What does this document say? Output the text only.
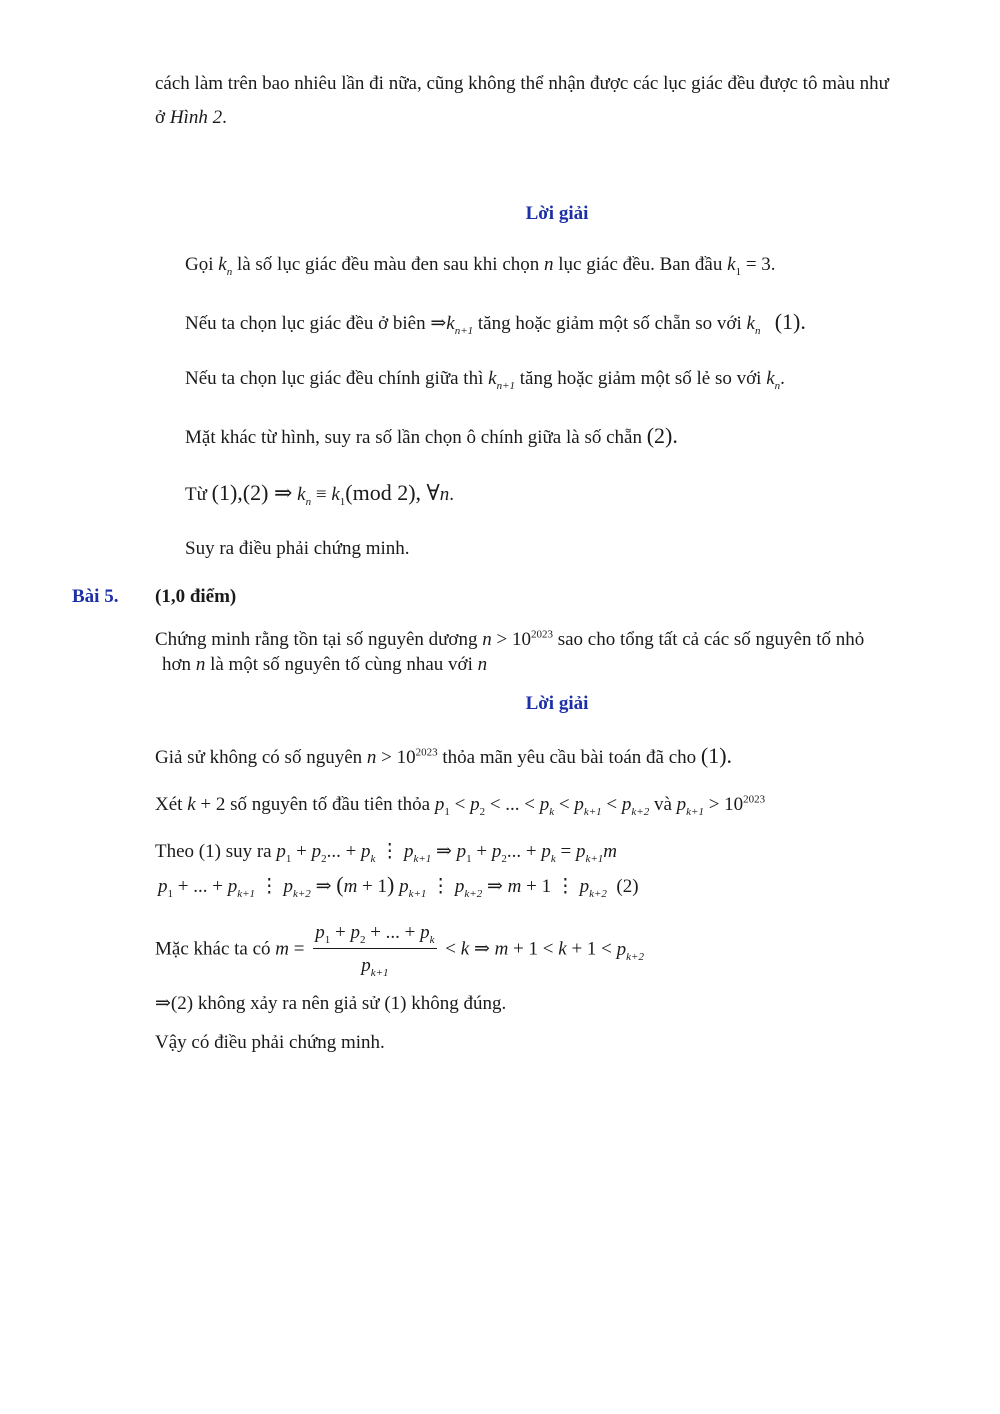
cách làm trên bao nhiêu lần đi nữa, cũng không thể nhận được các lục giác đều được tô màu như
ở Hình 2.
Lời giải
Gọi $k_n$ là số lục giác đều màu đen sau khi chọn n lục giác đều. Ban đầu $k_1 = 3$.
Nếu ta chọn lục giác đều ở biên $\Rightarrow k_{n+1}$ tăng hoặc giảm một số chẵn so với $k_n$ (1).
Nếu ta chọn lục giác đều chính giữa thì $k_{n+1}$ tăng hoặc giảm một số lẻ so với $k_n$.
Mặt khác từ hình, suy ra số lần chọn ô chính giữa là số chẵn (2).
Từ (1),(2) ⇒ $k_n \equiv k_1(mod$ 2), ∀n.
Suy ra điều phải chứng minh.
Bài 5. (1,0 điểm)
Chứng minh rằng tồn tại số nguyên dương $n > 10^{2023}$ sao cho tổng tất cả các số nguyên tố nhỏ
hơn n là một số nguyên tố cùng nhau với n
Lời giải
Giả sử không có số nguyên $n > 10^{2023}$ thỏa mãn yêu cầu bài toán đã cho (1).
Xét k + 2 số nguyên tố đầu tiên thỏa $p_1 < p_2$ < ... < $p_k < p_{k+1} < p_{k+2}$ và $p_{k+1} > 10^{2023}$
Theo (1) suy ra $p_1 + p_2$... + $p_k$ ⋮ $p_{k+1}$ ⇒ $p_1 + p_2$... + $p_k = p_{k+1}m$
$p_1$ + ... + $p_{k+1}$ ⋮ $p_{k+2}$ ⇒ (m + 1) $p_{k+1}$ ⋮ $p_{k+2}$ ⇒ m + 1 ⋮ $p_{k+2}$  (2)
Mặc khác ta có $m = \frac{p_1 + p_2 + ... + p_k}{p_{k+1}} < k$ ⇒ $m + 1 < k + 1 < p_{k+2}$
⇒(2) không xảy ra nên giả sử (1) không đúng.
Vậy có điều phải chứng minh.
